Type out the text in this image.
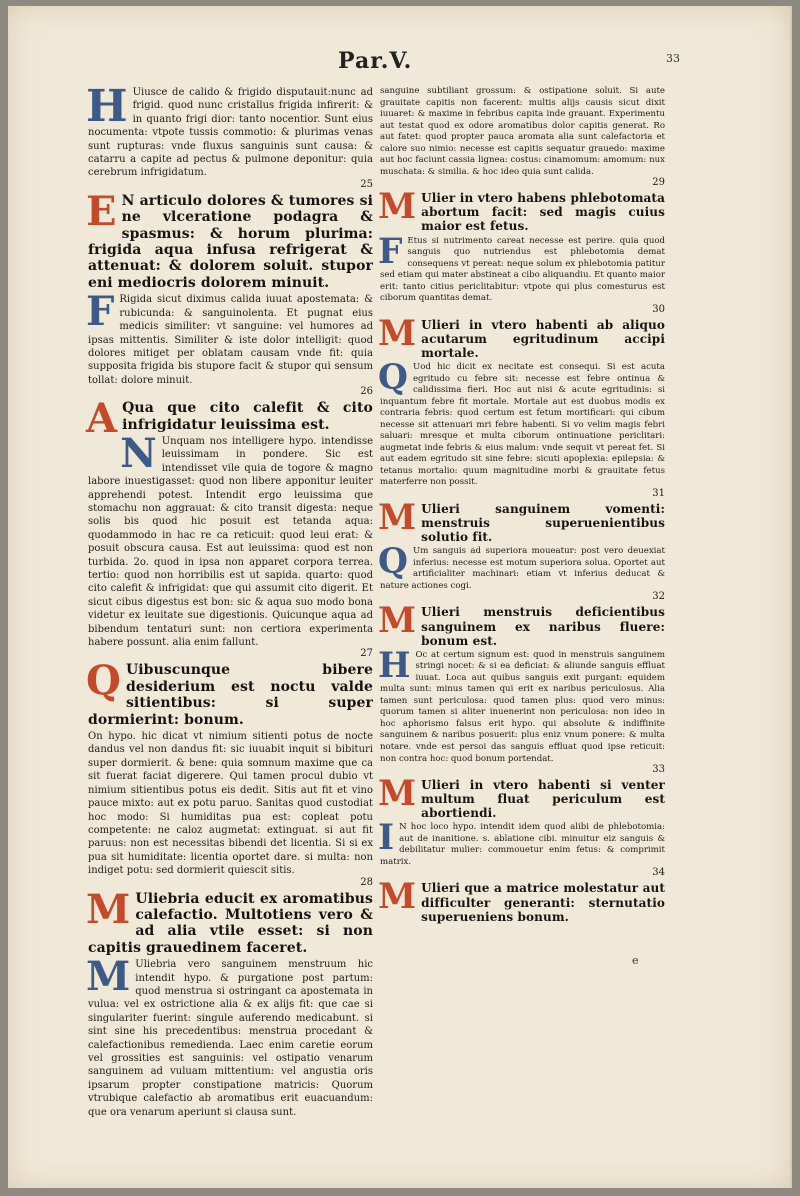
Par.V.	33
H Uiusce de calido & frigido disputauit:nunc ad frigid. quod nunc cristallus frigida infirerit: & in quanto frigi dior: tanto nocentior. Sunt eius nocumenta: vtpote tussis commotio: & plurimas venas sunt rupturas: vnde fluxus sanguinis sunt causa: & catarru a capite ad pectus & pulmone deponitur: quia cerebrum infrigidatum.
25
E N articulo dolores & tumores si ne vlceratione podagra & spasmus: & horum plurima: frigida aqua infusa refrigerat & attenuat: & dolorem soluit. stupor eni mediocris dolorem minuit.
F Rigida sicut diximus calida iuuat apostemata: & rubicunda: & sanguinolenta. Et pugnat eius medicis similiter: vt sanguine: vel humores ad ipsas mittentis. Similiter & iste dolor intelligit: quod dolores mitiget per oblatam causam vnde fit: quia supposita frigida bis stupore facit & stupor qui sensum tollat: dolore minuit.
26
A Qua que cito calefit & cito infrigidatur leuissima est.
N Unquam nos intelligere hypo. intendisse leuissimam in pondere. Sic est intendisset vile quia de togore & magno labore inuestigasset: quod non libere apponitur leuiter apprehendi potest. Intendit ergo leuissima que stomachu non aggrauat: & cito transit digesta: neque solis bis quod hic posuit est tetanda aqua: quodammodo in hac re ca reticuit: quod leui erat: & posuit obscura causa. Est aut leuissima: quod est non turbida. 2o. quod in ipsa non apparet corpora terrea. tertio: quod non horribilis est ut sapida. quarto: quod cito calefit & infrigidat: que qui assumit cito digerit. Et sicut cibus digestus est bon: sic & aqua suo modo bona videtur ex leuitate sue digestionis. Quicunque aqua ad bibendum tentaturi sunt: non certiora experimenta habere possunt. alia enim fallunt.
27
Q Uibuscunque bibere desiderium est noctu valde sitientibus: si super dormierint: bonum.
On hypo. hic dicat vt nimium sitienti potus de nocte dandus vel non dandus fit: sic iuuabit inquit si bibituri super dormierit. & bene: quia somnum maxime que ca sit fuerat faciat digerere. Qui tamen procul dubio vt nimium sitientibus potus eis dedit. Sitis aut fit et vino pauce mixto: aut ex potu paruo. Sanitas quod custodiat hoc modo: Si humiditas pua est: copleat potu competente: ne caloz augmetat: extinguat. si aut fit paruus: non est necessitas bibendi det licentia. Si si ex pua sit humiditate: licentia oportet dare. si multa: non indiget potu: sed dormierit quiescit sitis.
28
M Uliebria educit ex aromatibus calefactio. Multotiens vero & ad alia vtile esset: si non capitis grauedinem faceret.
M Uliebria vero sanguinem menstruum hic intendit hypo. & purgatione post partum: quod menstrua si ostringant ca apostemata in vulua: vel ex ostrictione alia & ex alijs fit: que cae si singulariter fuerint: singule auferendo medicabunt. si sint sine his precedentibus: menstrua procedant & calefactionibus remedienda. Laec enim caretie eorum vel grossities est sanguinis: vel ostipatio venarum sanguinem ad vuluam mittentium: vel angustia oris ipsarum propter constipatione matricis: Quorum vtrubique calefactio ab aromatibus erit euacuandum: que ora venarum aperiunt si clausa sunt.
sanguine subtiliant grossum: & ostipatione soluit. Si aute grauitate capitis non facerent: multis alijs causis sicut dixit iuuaret: & maxime in febribus capita inde grauant. Experimentu aut testat quod ex odore aromatibus dolor capitis generat. Ro aut fatet: quod propter pauca aromata alia sunt calefactoria et calore suo nimio: necesse est capitis sequatur grauedo: maxime aut hoc faciunt cassia lignea: costus: cinamomum: amomum: nux muschata: & similia. & hoc ideo quia sunt calida.
29
M Ulier in vtero habens phlebotomata abortum facit: sed magis cuius maior est fetus.
F Etus si nutrimento careat necesse est perire. quia quod sanguis quo nutriendus est phlebotomia demat consequens vt pereat: neque solum ex phlebotomia patitur sed etiam qui mater abstineat a cibo aliquandiu. Et quanto maior erit: tanto citius periclitabitur: vtpote qui plus comesturus est ciborum quantitas demat.
30
M Ulieri in vtero habenti ab aliquo acutarum egritudinum accipi mortale.
Q Uod hic dicit ex necitate est consequi. Si est acuta egritudo cu febre sit: necesse est febre ontinua & calidissima fieri. Hoc aut nisi & acute egritudinis: si inquantum febre fit mortale. Mortale aut est duobus modis ex contraria febris: quod certum est fetum mortificari: qui cibum necesse sit attenuari mri febre habenti. Si vo velim magis febri saluari: mresque et multa ciborum ontinuatione periclitari: augmetat inde febris & eius malum: vnde sequit vt pereat fet. Si aut eadem egritudo sit sine febre: sicuti apoplexia: epilepsia: & tetanus mortalio: quum magnitudine morbi & grauitate fetus materferre non possit.
31
M Ulieri sanguinem vomenti: menstruis superuenientibus solutio fit.
Q Um sanguis ad superiora moueatur: post vero deuexiat inferius: necesse est motum superiora solua. Oportet aut artificialiter machinari: etiam vt inferius deducat & nature actiones cogi.
32
M Ulieri menstruis deficientibus sanguinem ex naribus fluere: bonum est.
H Oc at certum signum est: quod in menstruis sanguinem stringi nocet: & si ea deficiat: & aliunde sanguis effluat iuuat. Loca aut quibus sanguis exit purgant: equidem multa sunt: minus tamen qui erit ex naribus periculosus. Alia tamen sunt periculosa: quod tamen plus: quod vero minus: quorum tamen si aliter inuenerint non periculosa: non ideo in hoc aphorismo falsus erit hypo. qui absolute & indiffinite sanguinem & naribus posuerit: plus eniz vnum ponere: & multa notare. vnde est persoi das sanguis effluat quod ipse reticuit: non contra hoc: quod bonum portendat.
33
M Ulieri in vtero habenti si venter multum fluat periculum est abortiendi.
I N hoc loco hypo. intendit idem quod alibi de phlebotomia: aut de inanitione. s. ablatione cibi. minuitur eiz sanguis & debilitatur mulier: commouetur enim fetus: & comprimit matrix.
34
M Ulieri que a matrice molestatur aut difficulter generanti: sternutatio superueniens bonum.
e
